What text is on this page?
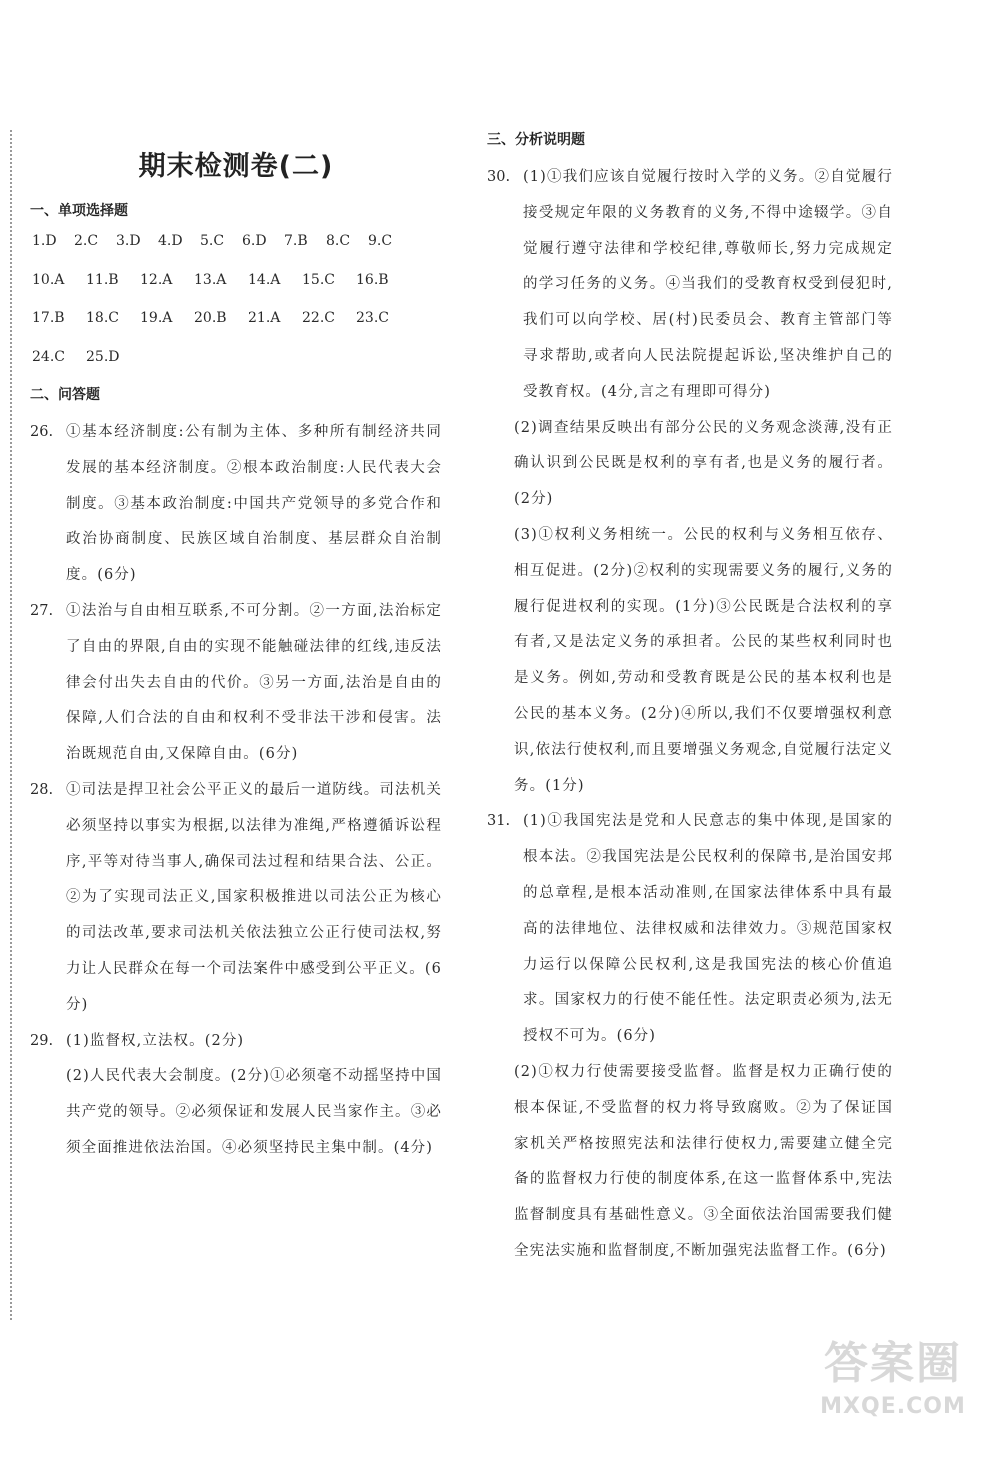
期末检测卷(二)
一、单项选择题
1.D	2.C	3.D	4.D	5.C	6.D	7.B	8.C	9.C
10.A	11.B	12.A	13.A	14.A	15.C	16.B
17.B	18.C	19.A	20.B	21.A	22.C	23.C
24.C	25.D
二、问答题
26. ①基本经济制度:公有制为主体、多种所有制经济共同发展的基本经济制度。②根本政治制度:人民代表大会制度。③基本政治制度:中国共产党领导的多党合作和政治协商制度、民族区域自治制度、基层群众自治制度。(6分)
27. ①法治与自由相互联系,不可分割。②一方面,法治标定了自由的界限,自由的实现不能触碰法律的红线,违反法律会付出失去自由的代价。③另一方面,法治是自由的保障,人们合法的自由和权利不受非法干涉和侵害。法治既规范自由,又保障自由。(6分)
28. ①司法是捍卫社会公平正义的最后一道防线。司法机关必须坚持以事实为根据,以法律为准绳,严格遵循诉讼程序,平等对待当事人,确保司法过程和结果合法、公正。②为了实现司法正义,国家积极推进以司法公正为核心的司法改革,要求司法机关依法独立公正行使司法权,努力让人民群众在每一个司法案件中感受到公平正义。(6分)
29. (1)监督权,立法权。(2分)
(2)人民代表大会制度。(2分)①必须毫不动摇坚持中国共产党的领导。②必须保证和发展人民当家作主。③必须全面推进依法治国。④必须坚持民主集中制。(4分)
三、分析说明题
30. (1)①我们应该自觉履行按时入学的义务。②自觉履行接受规定年限的义务教育的义务,不得中途辍学。③自觉履行遵守法律和学校纪律,尊敬师长,努力完成规定的学习任务的义务。④当我们的受教育权受到侵犯时,我们可以向学校、居(村)民委员会、教育主管部门等寻求帮助,或者向人民法院提起诉讼,坚决维护自己的受教育权。(4分,言之有理即可得分)
(2)调查结果反映出有部分公民的义务观念淡薄,没有正确认识到公民既是权利的享有者,也是义务的履行者。(2分)
(3)①权利义务相统一。公民的权利与义务相互依存、相互促进。(2分)②权利的实现需要义务的履行,义务的履行促进权利的实现。(1分)③公民既是合法权利的享有者,又是法定义务的承担者。公民的某些权利同时也是义务。例如,劳动和受教育既是公民的基本权利也是公民的基本义务。(2分)④所以,我们不仅要增强权利意识,依法行使权利,而且要增强义务观念,自觉履行法定义务。(1分)
31. (1)①我国宪法是党和人民意志的集中体现,是国家的根本法。②我国宪法是公民权利的保障书,是治国安邦的总章程,是根本活动准则,在国家法律体系中具有最高的法律地位、法律权威和法律效力。③规范国家权力运行以保障公民权利,这是我国宪法的核心价值追求。国家权力的行使不能任性。法定职责必须为,法无授权不可为。(6分)
(2)①权力行使需要接受监督。监督是权力正确行使的根本保证,不受监督的权力将导致腐败。②为了保证国家机关严格按照宪法和法律行使权力,需要建立健全完备的监督权力行使的制度体系,在这一监督体系中,宪法监督制度具有基础性意义。③全面依法治国需要我们健全宪法实施和监督制度,不断加强宪法监督工作。(6分)
答案圈
MXQE.COM
